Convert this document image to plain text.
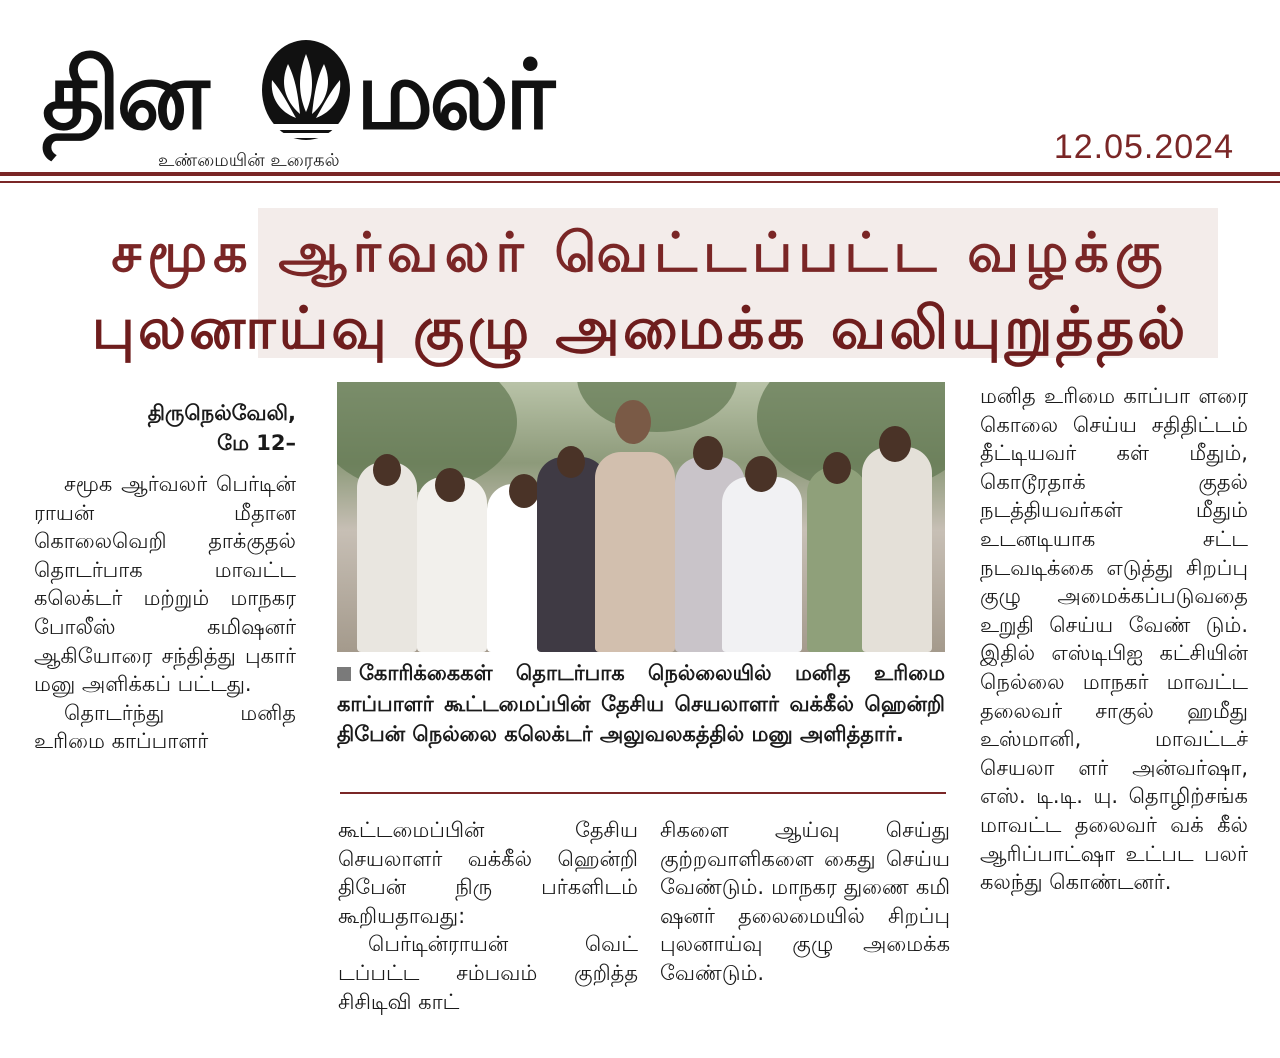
தின மலர்
உண்மையின் உரைகல்	12.05.2024
சமூக ஆர்வலர் வெட்டப்பட்ட வழக்கு
புலனாய்வு குழு அமைக்க வலியுறுத்தல்
திருநெல்வேலி,
மே 12–

சமூக ஆர்வலர் பெர்டின் ராயன் மீதான கொலைவெறி தாக்குதல் தொடர்பாக மாவட்ட கலெக்டர் மற்றும் மாநகர போலீஸ் கமிஷனர் ஆகியோரை சந்தித்து புகார் மனு அளிக்கப் பட்டது.

தொடர்ந்து மனித உரிமை காப்பாளர்

கோரிக்கைகள் தொடர்பாக நெல்லையில் மனித உரிமை காப்பாளர் கூட்டமைப்பின் தேசிய செயலாளர் வக்கீல் ஹென்றி திபேன் நெல்லை கலெக்டர் அலுவலகத்தில் மனு அளித்தார்.

கூட்டமைப்பின் தேசிய செயலாளர் வக்கீல் ஹென்றி திபேன் நிரு பர்களிடம் கூறியதாவது:

பெர்டின்ராயன் வெட் டப்பட்ட சம்பவம் குறித்த சிசிடிவி காட்

சிகளை ஆய்வு செய்து குற்றவாளிகளை கைது செய்ய வேண்டும். மாநகர துணை கமி ஷனர் தலைமையில் சிறப்பு புலனாய்வு குழு அமைக்க வேண்டும்.

மனித உரிமை காப்பா ளரை கொலை செய்ய சதிதிட்டம் தீட்டியவர் கள் மீதும், கொடூரதாக் குதல் நடத்தியவர்கள் மீதும் உடனடியாக சட்ட நடவடிக்கை எடுத்து சிறப்பு குழு அமைக்கப்படுவதை உறுதி செய்ய வேண் டும். இதில் எஸ்டிபிஐ கட்சியின் நெல்லை மாநகர் மாவட்ட தலைவர் சாகுல் ஹமீது உஸ்மானி, மாவட்டச் செயலா ளர் அன்வர்ஷா, எஸ். டி.டி. யு. தொழிற்சங்க மாவட்ட தலைவர் வக் கீல் ஆரிப்பாட்ஷா உட்பட பலர் கலந்து கொண்டனர்.
